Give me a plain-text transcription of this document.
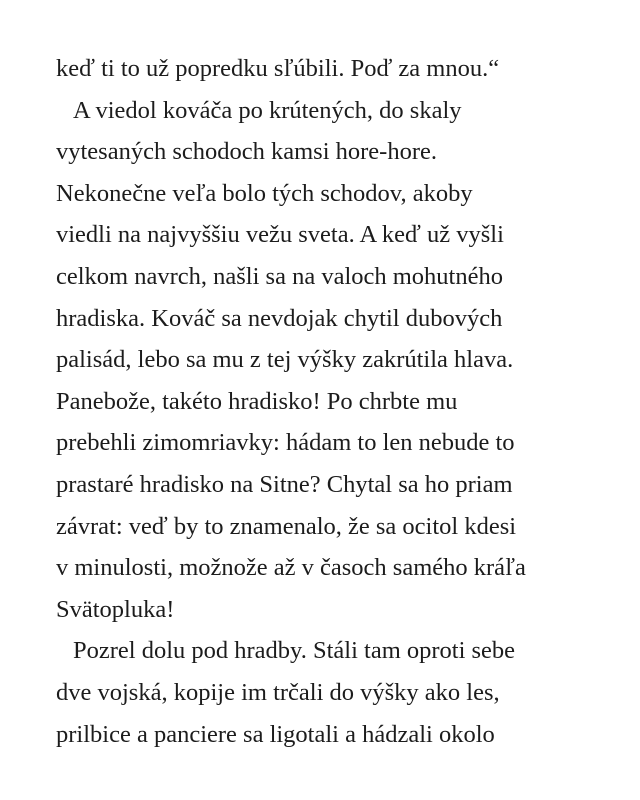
keď ti to už popredku sľúbili. Poď za mnou.“
A viedol kováča po krútených, do skaly
vytesaných schodoch kamsi hore-hore.
Nekonečne veľa bolo tých schodov, akoby
viedli na najvyššiu vežu sveta. A keď už vyšli
celkom navrch, našli sa na valoch mohutného
hradiska. Kováč sa nevdojak chytil dubových
palisád, lebo sa mu z tej výšky zakrútila hlava.
Panebože, takéto hradisko! Po chrbte mu
prebehli zimomriavky: hádam to len nebude to
prastaré hradisko na Sitne? Chytal sa ho priam
závrat: veď by to znamenalo, že sa ocitol kdesi
v minulosti, možnože až v časoch samého kráľa
Svätopluka!
Pozrel dolu pod hradby. Stáli tam oproti sebe
dve vojská, kopije im trčali do výšky ako les,
prilbice a panciere sa ligotali a hádzali okolo
